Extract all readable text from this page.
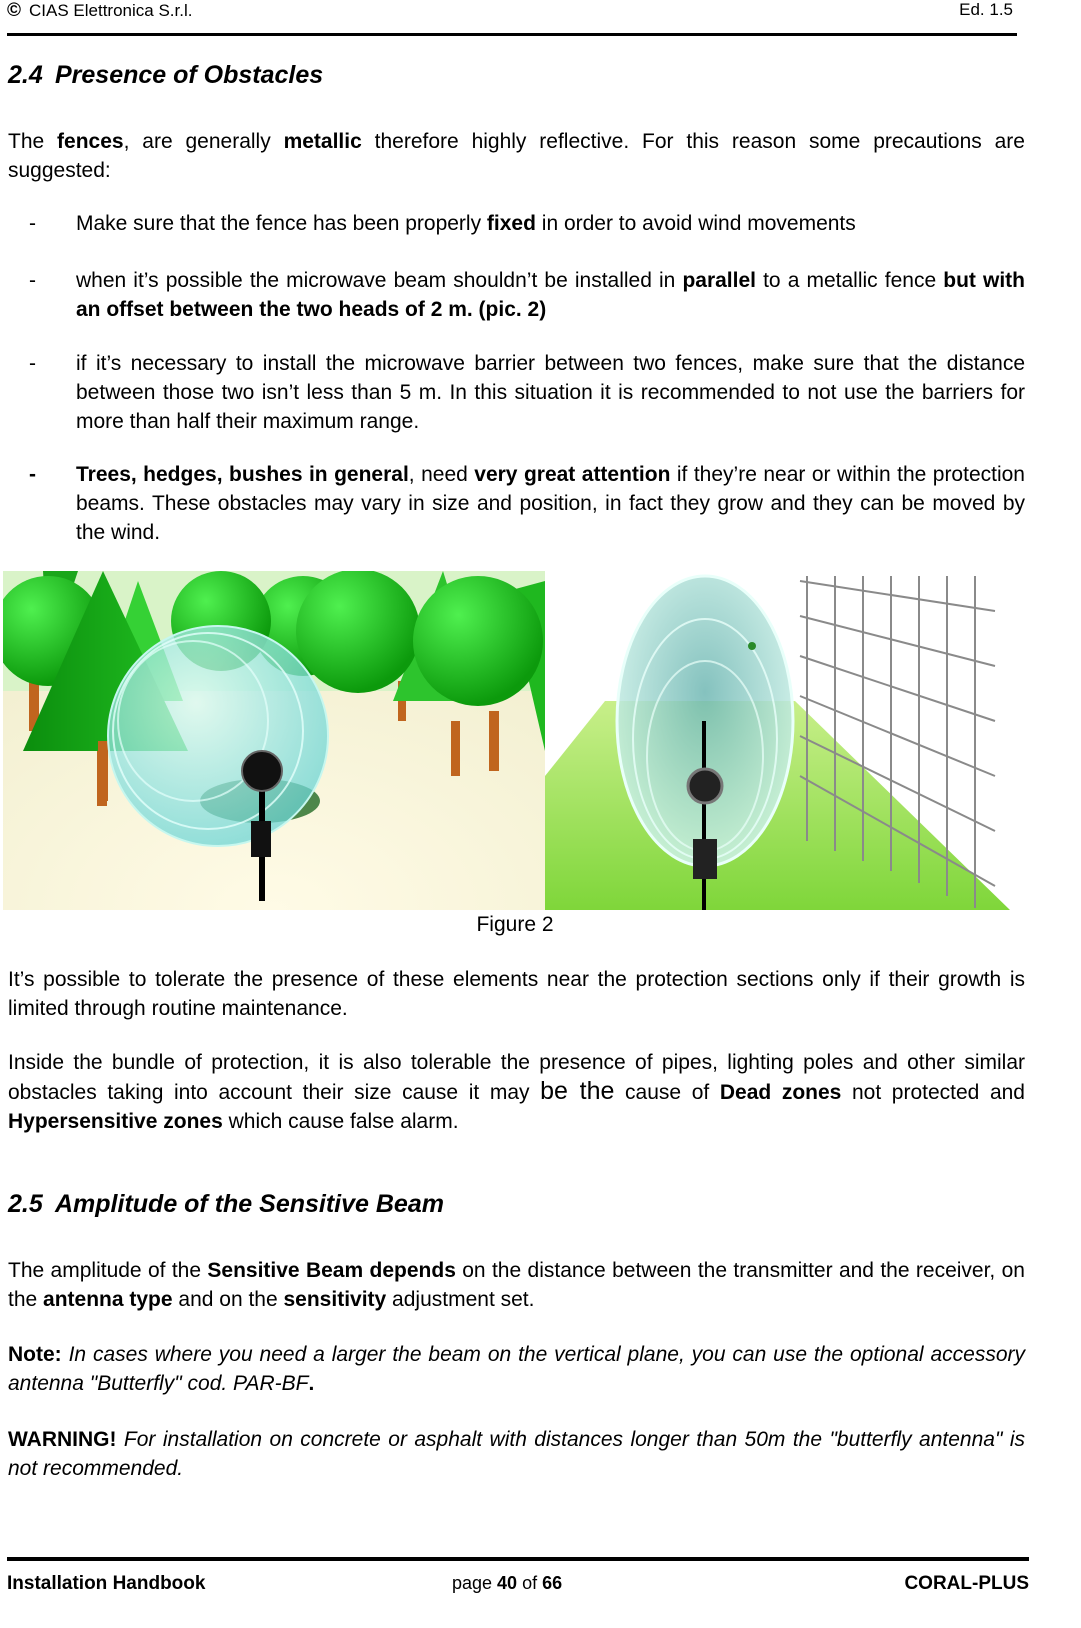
© CIAS Elettronica S.r.l.	Ed. 1.5
2.4 Presence of Obstacles
The fences, are generally metallic therefore highly reflective. For this reason some precautions are suggested:
- Make sure that the fence has been properly fixed in order to avoid wind movements
- when it’s possible the microwave beam shouldn’t be installed in parallel to a metallic fence but with an offset between the two heads of 2 m. (pic. 2)
- if it’s necessary to install the microwave barrier between two fences, make sure that the distance between those two isn’t less than 5 m. In this situation it is recommended to not use the barriers for more than half their maximum range.
- Trees, hedges, bushes in general, need very great attention if they’re near or within the protection beams. These obstacles may vary in size and position, in fact they grow and they can be moved by the wind.
Figure 2
It’s possible to tolerate the presence of these elements near the protection sections only if their growth is limited through routine maintenance.
Inside the bundle of protection, it is also tolerable the presence of pipes, lighting poles and other similar obstacles taking into account their size cause it may be the cause of Dead zones not protected and Hypersensitive zones which cause false alarm.
2.5 Amplitude of the Sensitive Beam
The amplitude of the Sensitive Beam depends on the distance between the transmitter and the receiver, on the antenna type and on the sensitivity adjustment set.
Note: In cases where you need a larger the beam on the vertical plane, you can use the optional accessory antenna "Butterfly" cod. PAR-BF.
WARNING! For installation on concrete or asphalt with distances longer than 50m the "butterfly antenna" is not recommended.
Installation Handbook	page 40 of 66	CORAL-PLUS
